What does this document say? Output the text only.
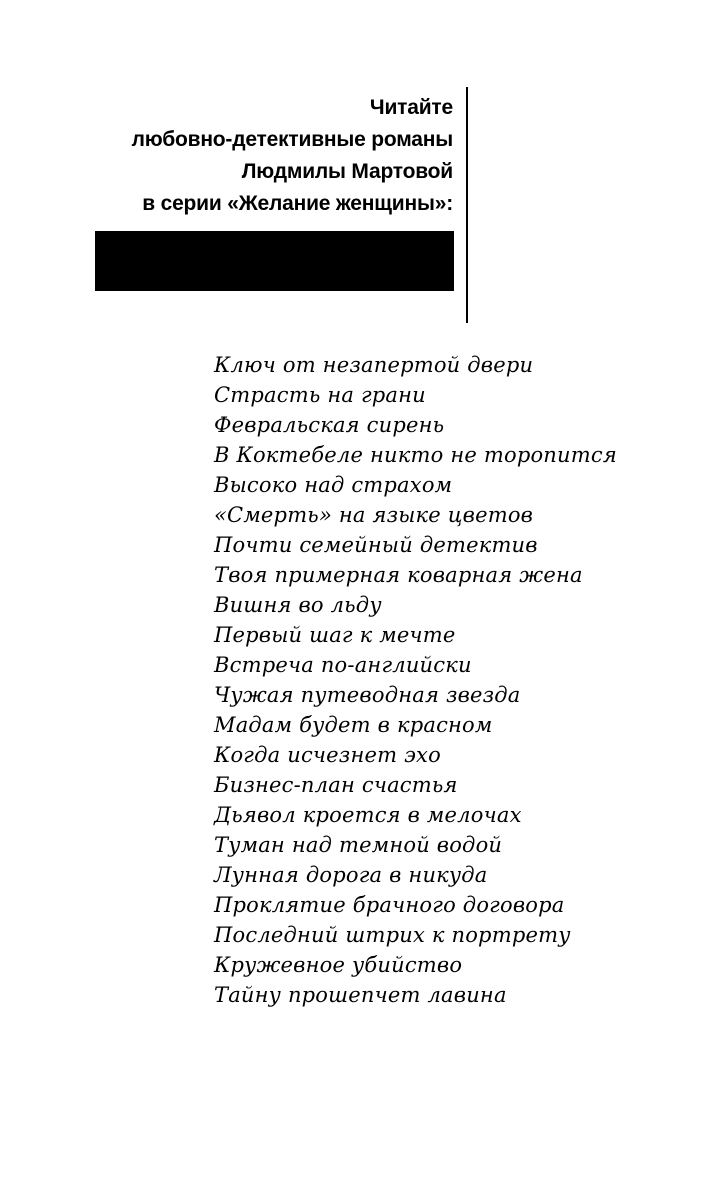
Читайте
любовно-детективные романы
Людмилы Мартовой
в серии «Желание женщины»:
Ключ от незапертой двери
Страсть на грани
Февральская сирень
В Коктебеле никто не торопится
Высоко над страхом
«Смерть» на языке цветов
Почти семейный детектив
Твоя примерная коварная жена
Вишня во льду
Первый шаг к мечте
Встреча по-английски
Чужая путеводная звезда
Мадам будет в красном
Когда исчезнет эхо
Бизнес-план счастья
Дьявол кроется в мелочах
Туман над темной водой
Лунная дорога в никуда
Проклятие брачного договора
Последний штрих к портрету
Кружевное убийство
Тайну прошепчет лавина
